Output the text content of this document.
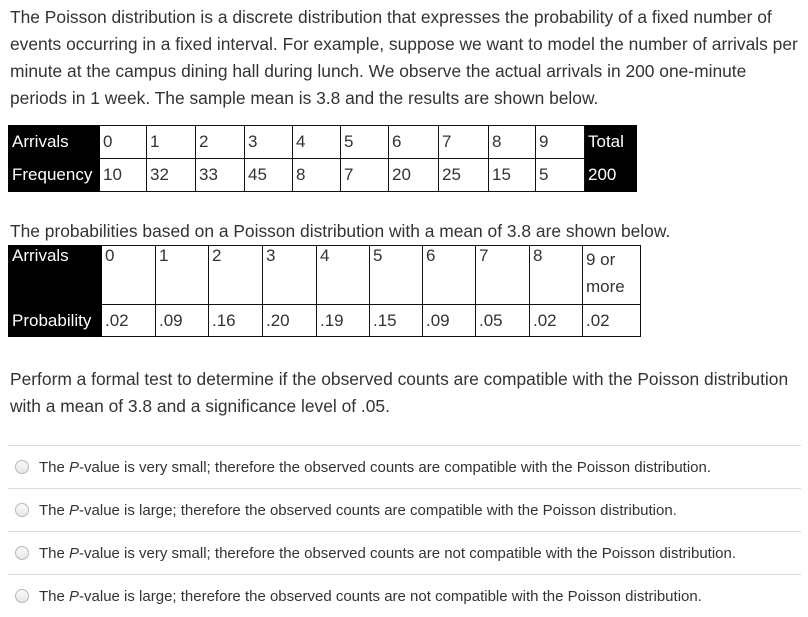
The Poisson distribution is a discrete distribution that expresses the probability of a fixed number of events occurring in a fixed interval. For example, suppose we want to model the number of arrivals per minute at the campus dining hall during lunch. We observe the actual arrivals in 200 one-minute periods in 1 week. The sample mean is 3.8 and the results are shown below.

Arrivals	0	1	2	3	4	5	6	7	8	9	Total
Frequency	10	32	33	45	8	7	20	25	15	5	200

The probabilities based on a Poisson distribution with a mean of 3.8 are shown below.

Arrivals	0	1	2	3	4	5	6	7	8	9 or more
Probability	.02	.09	.16	.20	.19	.15	.09	.05	.02	.02

Perform a formal test to determine if the observed counts are compatible with the Poisson distribution with a mean of 3.8 and a significance level of .05.

The P-value is very small; therefore the observed counts are compatible with the Poisson distribution.
The P-value is large; therefore the observed counts are compatible with the Poisson distribution.
The P-value is very small; therefore the observed counts are not compatible with the Poisson distribution.
The P-value is large; therefore the observed counts are not compatible with the Poisson distribution.
